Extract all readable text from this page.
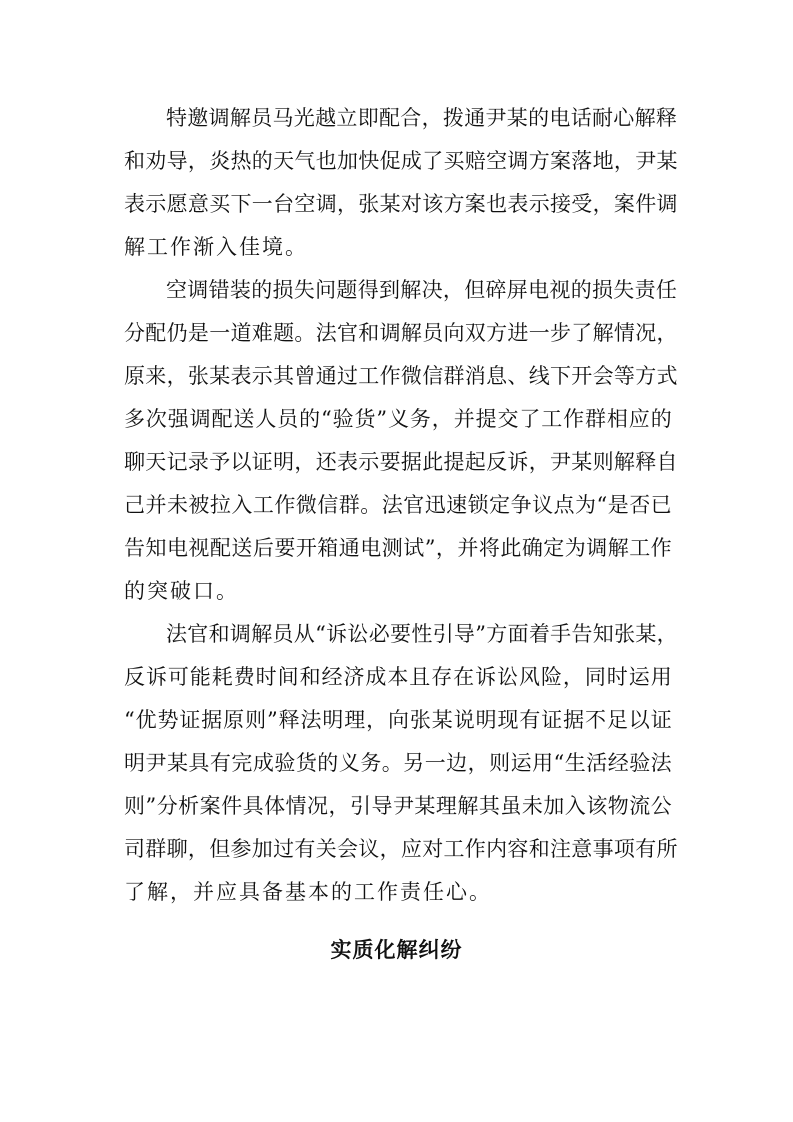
特邀调解员马光越立即配合，拨通尹某的电话耐心解释
和劝导，炎热的天气也加快促成了买赔空调方案落地，尹某
表示愿意买下一台空调，张某对该方案也表示接受，案件调
解工作渐入佳境。
空调错装的损失问题得到解决，但碎屏电视的损失责任
分配仍是一道难题。法官和调解员向双方进一步了解情况，
原来，张某表示其曾通过工作微信群消息、线下开会等方式
多次强调配送人员的“验货”义务，并提交了工作群相应的
聊天记录予以证明，还表示要据此提起反诉，尹某则解释自
己并未被拉入工作微信群。法官迅速锁定争议点为“是否已
告知电视配送后要开箱通电测试”，并将此确定为调解工作
的突破口。
法官和调解员从“诉讼必要性引导”方面着手告知张某，
反诉可能耗费时间和经济成本且存在诉讼风险，同时运用
“优势证据原则”释法明理，向张某说明现有证据不足以证
明尹某具有完成验货的义务。另一边，则运用“生活经验法
则”分析案件具体情况，引导尹某理解其虽未加入该物流公
司群聊，但参加过有关会议，应对工作内容和注意事项有所
了解，并应具备基本的工作责任心。
实质化解纠纷
